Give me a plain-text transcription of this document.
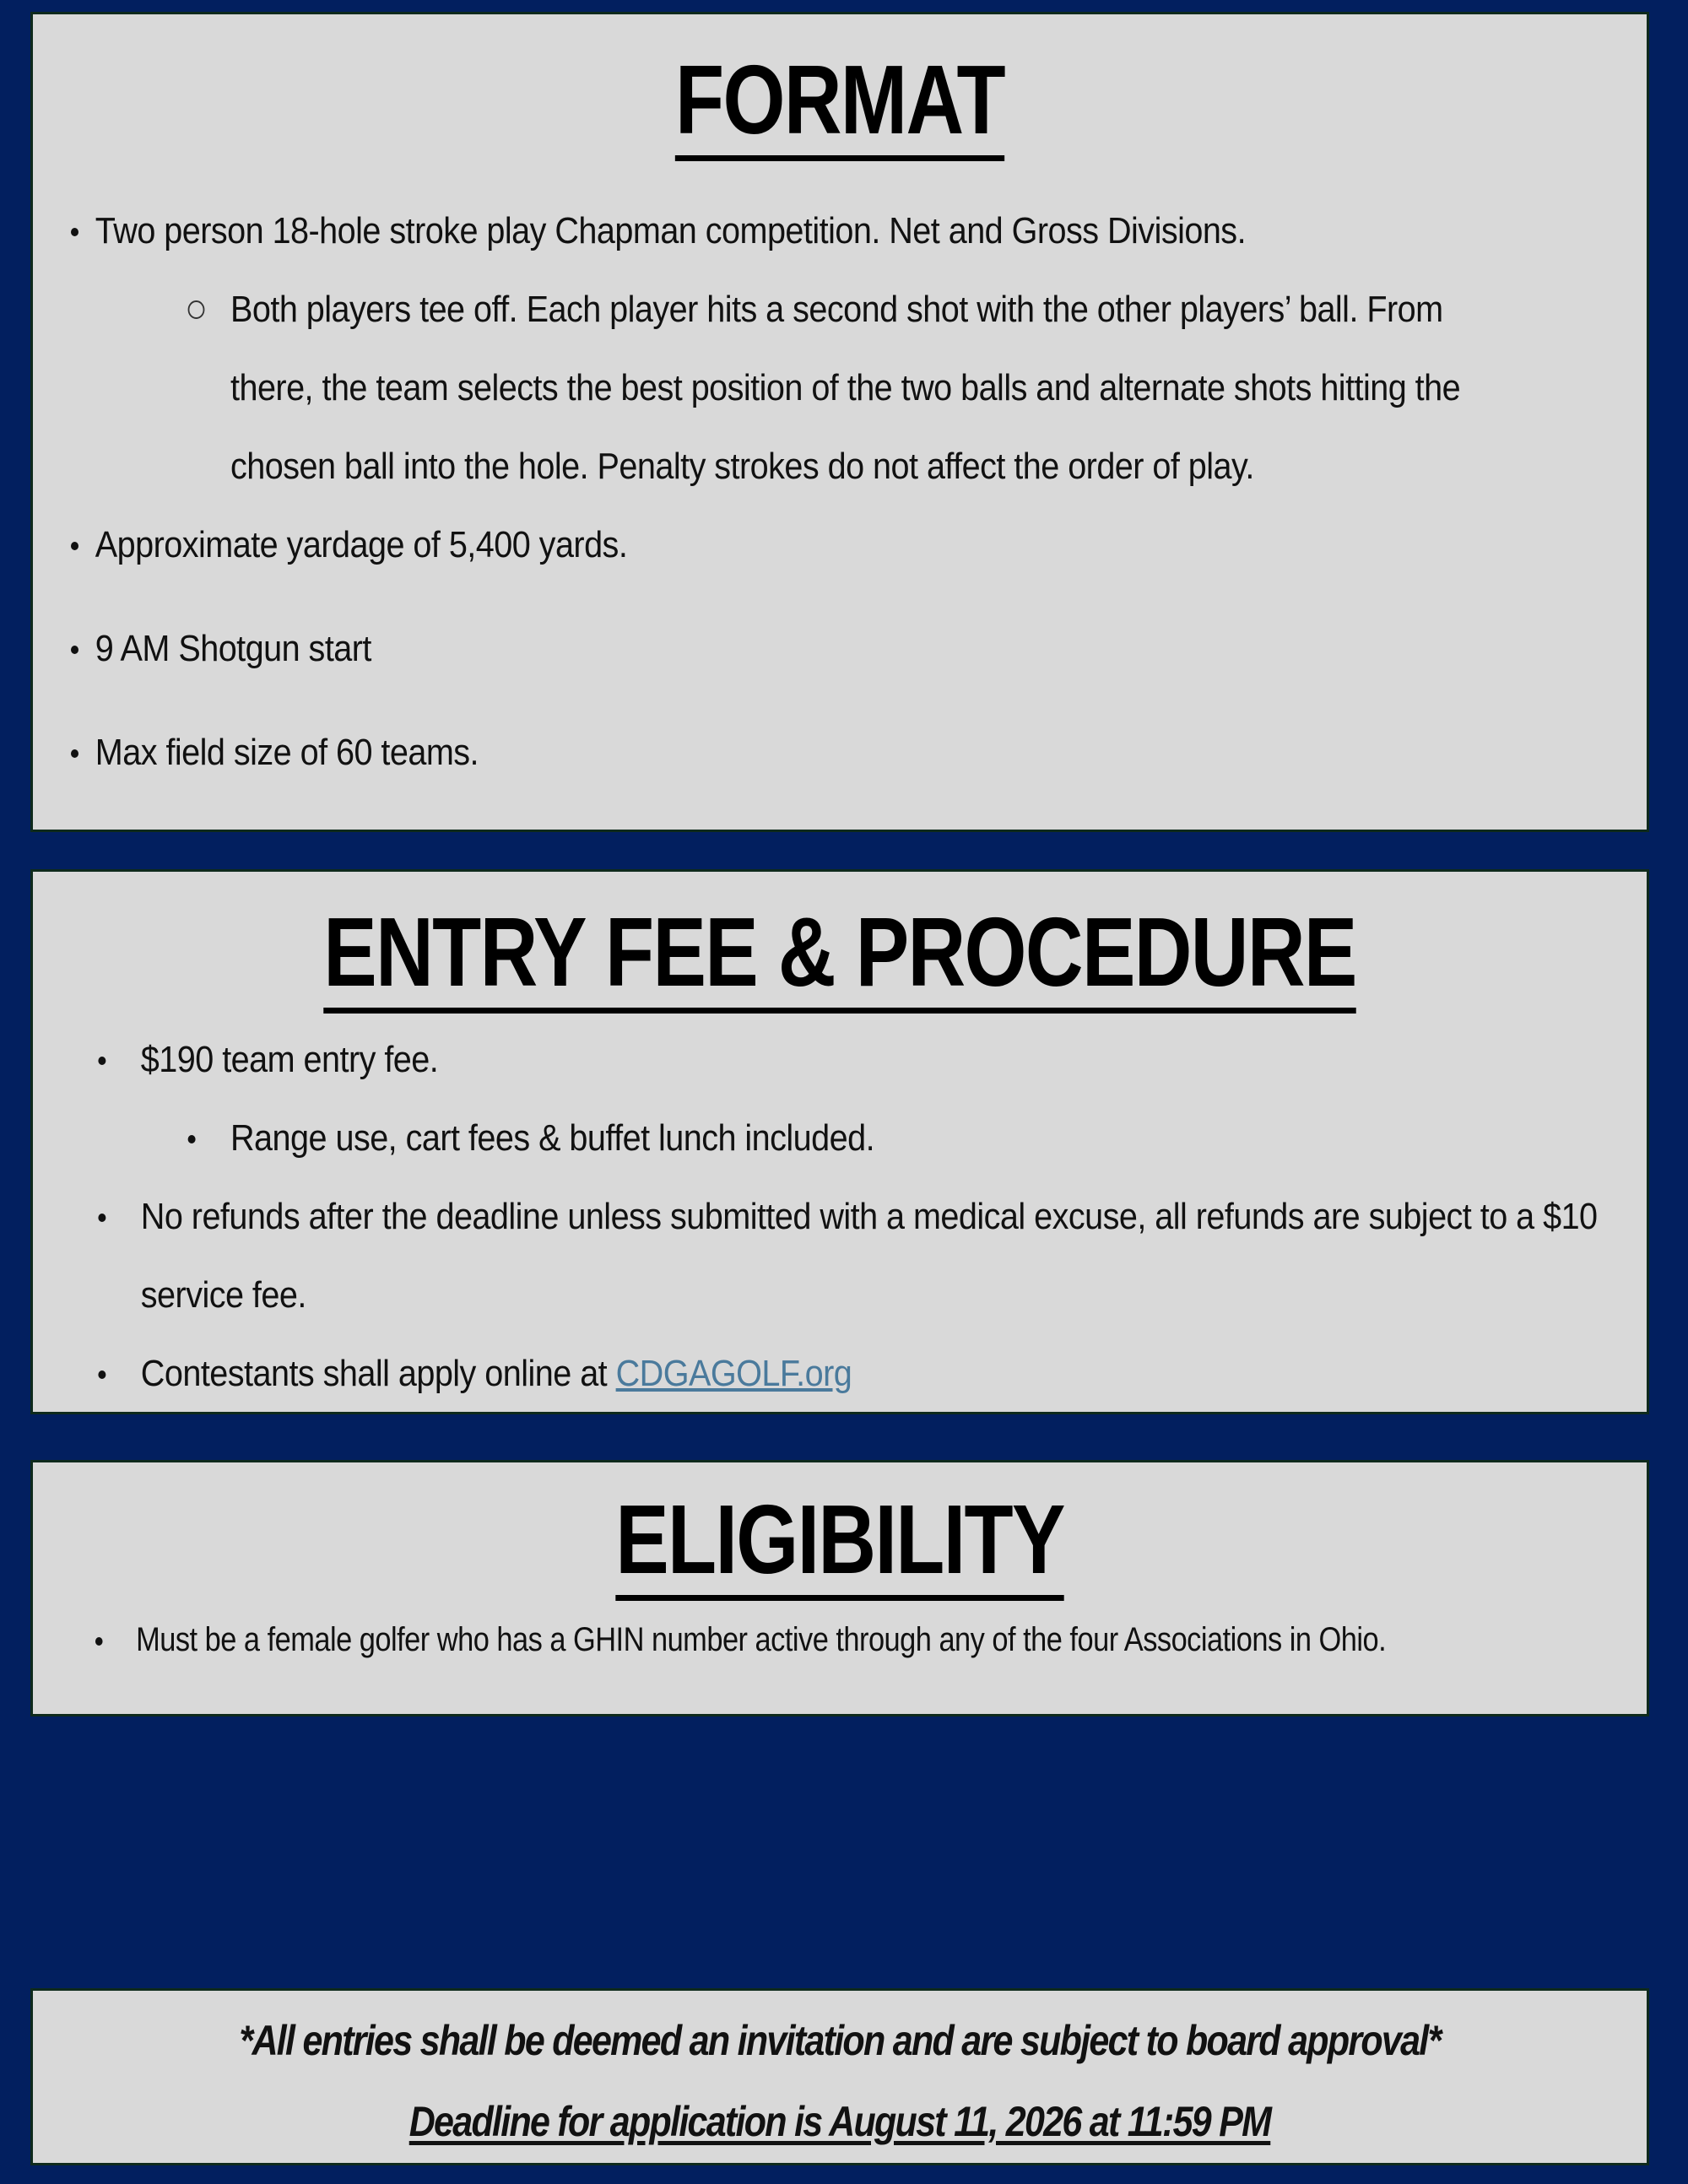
FORMAT
Two person 18-hole stroke play Chapman competition. Net and Gross Divisions.
Both players tee off. Each player hits a second shot with the other players’ ball. From there, the team selects the best position of the two balls and alternate shots hitting the chosen ball into the hole. Penalty strokes do not affect the order of play.
Approximate yardage of 5,400 yards.
9 AM Shotgun start
Max field size of 60 teams.
ENTRY FEE & PROCEDURE
$190 team entry fee.
Range use, cart fees & buffet lunch included.
No refunds after the deadline unless submitted with a medical excuse, all refunds are subject to a $10 service fee.
Contestants shall apply online at CDGAGOLF.org
ELIGIBILITY
Must be a female golfer who has a GHIN number active through any of the four Associations in Ohio.

*All entries shall be deemed an invitation and are subject to board approval*

Deadline for application is August 11, 2026 at 11:59 PM
